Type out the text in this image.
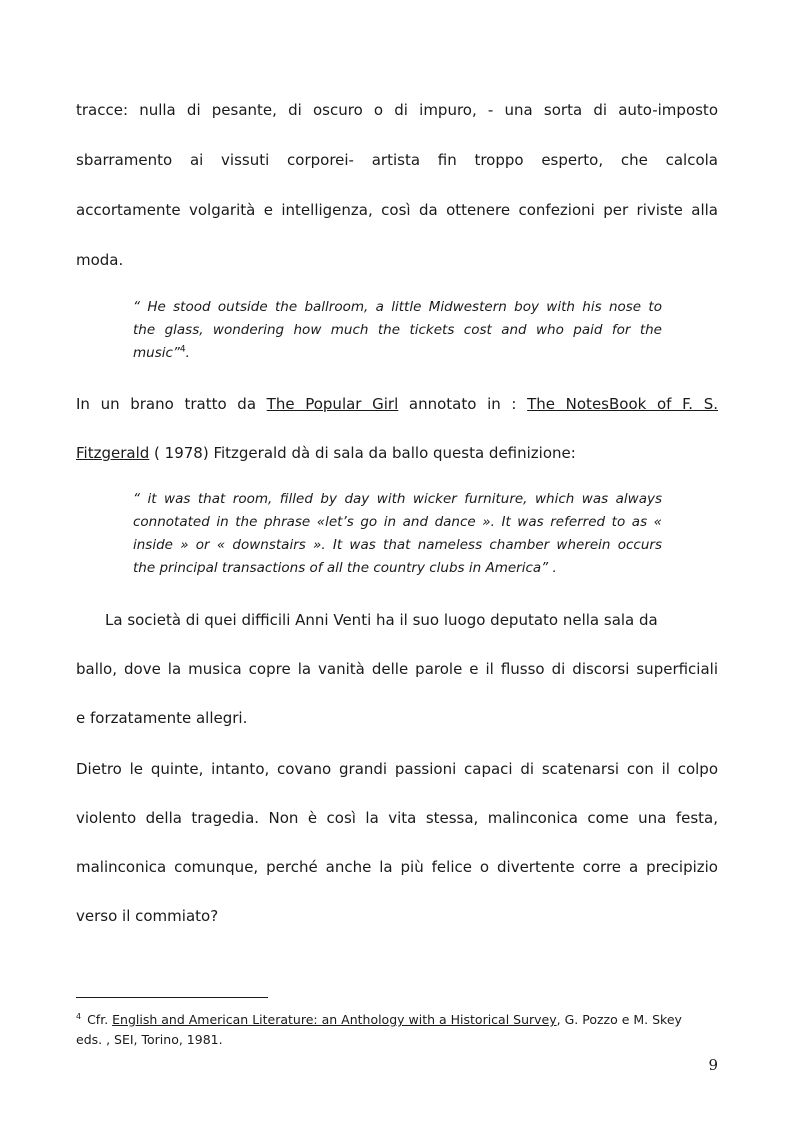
tracce: nulla di pesante, di oscuro o di impuro, - una sorta di auto-imposto
sbarramento ai vissuti corporei- artista fin troppo esperto, che calcola
accortamente volgarità e intelligenza, così da ottenere confezioni per riviste alla
moda.
“ He stood outside the ballroom, a little Midwestern boy with his nose to
the glass, wondering how much the tickets cost and who paid for the
music”$^4$.
In un brano tratto da The Popular Girl annotato in : The NotesBook of F. S.
Fitzgerald ( 1978) Fitzgerald dà di sala da ballo questa definizione:
“ it was that room, filled by day with wicker furniture, which was always
connotated in the phrase «let’s go in and dance ». It was referred to as «
inside » or « downstairs ». It was that nameless chamber wherein occurs
the principal transactions of all the country clubs in America” .
La società di quei difficili Anni Venti ha il suo luogo deputato nella sala da
ballo, dove la musica copre la vanità delle parole e il flusso di discorsi superficiali
e forzatamente allegri.
Dietro le quinte, intanto, covano grandi passioni capaci di scatenarsi con il colpo
violento della tragedia. Non è così la vita stessa, malinconica come una festa,
malinconica comunque, perché anche la più felice o divertente corre a precipizio
verso il commiato?
$^4$ Cfr. English and American Literature: an Anthology with a Historical Survey, G. Pozzo e M. Skey
eds. , SEI, Torino, 1981.
9
